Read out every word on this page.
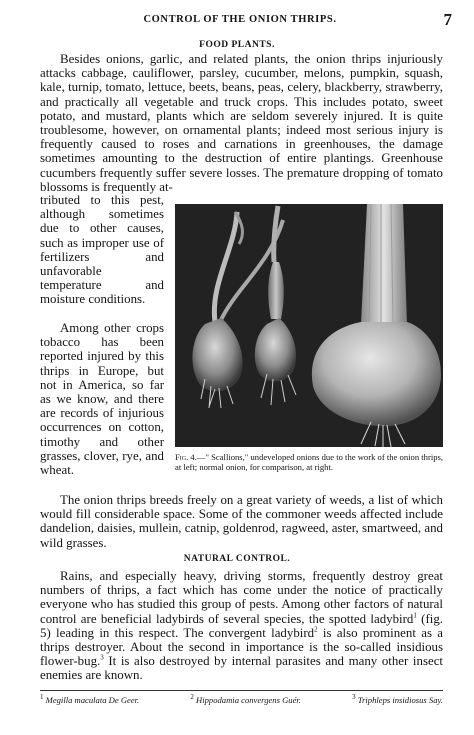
CONTROL OF THE ONION THRIPS.	7
FOOD PLANTS.

Besides onions, garlic, and related plants, the onion thrips injuriously attacks cabbage, cauliflower, parsley, cucumber, melons, pumpkin, squash, kale, turnip, tomato, lettuce, beets, beans, peas, celery, blackberry, strawberry, and practically all vegetable and truck crops. This includes potato, sweet potato, and mustard, plants which are seldom severely injured. It is quite troublesome, however, on ornamental plants; indeed most serious injury is frequently caused to roses and carnations in greenhouses, the damage sometimes amounting to the destruction of entire plantings. Greenhouse cucumbers frequently suffer severe losses. The premature dropping of tomato blossoms is frequently at-

tributed to this pest, although sometimes due to other causes, such as improper use of fertilizers and unfavorable temperature and moisture conditions.

Among other crops tobacco has been reported injured by this thrips in Europe, but not in America, so far as we know, and there are records of injurious occurrences on cotton, timothy and other grasses, clover, rye, and wheat.

Fig. 4.—" Scallions," undeveloped onions due to the work of the onion thrips, at left; normal onion, for comparison, at right.

The onion thrips breeds freely on a great variety of weeds, a list of which would fill considerable space. Some of the commoner weeds affected include dandelion, daisies, mullein, catnip, goldenrod, ragweed, aster, smartweed, and wild grasses.

NATURAL CONTROL.

Rains, and especially heavy, driving storms, frequently destroy great numbers of thrips, a fact which has come under the notice of practically everyone who has studied this group of pests. Among other factors of natural control are beneficial ladybirds of several species, the spotted ladybird$^1$ (fig. 5) leading in this respect. The convergent ladybird$^2$ is also prominent as a thrips destroyer. About the second in importance is the so-called insidious flower-bug.$^3$ It is also destroyed by internal parasites and many other insect enemies are known.

$^1$ Megilla maculata De Geer.	$^2$ Hippodamia convergens Guér.	$^3$ Triphleps insidiosus Say.
